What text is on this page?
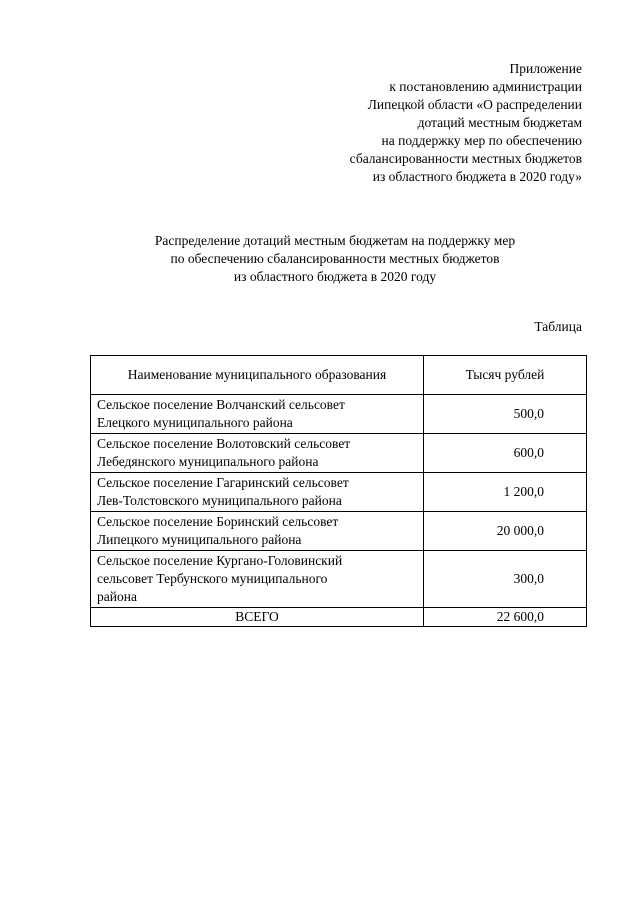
Приложение
к постановлению администрации
Липецкой области «О распределении
дотаций местным бюджетам
на поддержку мер по обеспечению
сбалансированности местных бюджетов
из областного бюджета в 2020 году»
Распределение дотаций местным бюджетам на поддержку мер
по обеспечению сбалансированности местных бюджетов
из областного бюджета в 2020 году
Таблица
Наименование муниципального образования	Тысяч рублей

Сельское поселение Волчанский сельсовет
Елецкого муниципального района	500,0

Сельское поселение Волотовский сельсовет
Лебедянского муниципального района	600,0

Сельское поселение Гагаринский сельсовет
Лев-Толстовского муниципального района	1 200,0

Сельское поселение Боринский сельсовет
Липецкого муниципального района	20 000,0

Сельское поселение Кургано-Головинский
сельсовет Тербунского муниципального
района	300,0
ВСЕГО	22 600,0
